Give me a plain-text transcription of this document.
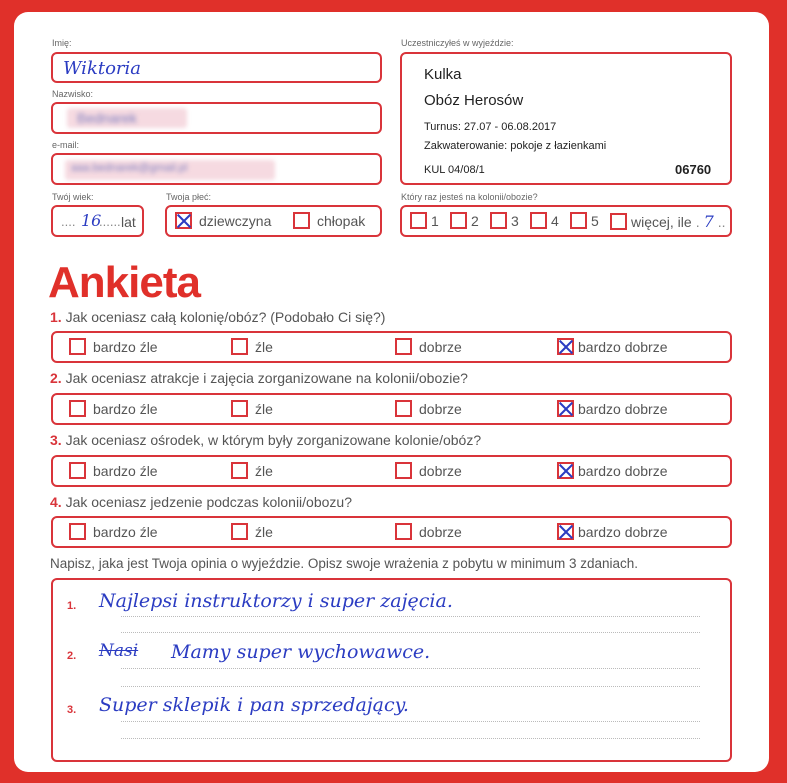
Imię:
Wiktoria
Nazwisko:
Bednarek
e-mail:
aaa.bednarek@gmail.pl
Twój wiek:
.... 16
...... lat
Twoja płeć:
dziewczyna	chłopak
Uczestniczyłeś w wyjeździe:
Kulka
Obóz Herosów
Turnus: 27.07 - 06.08.2017
Zakwaterowanie: pokoje z łazienkami
KUL 04/08/1	06760
Który raz jesteś na kolonii/obozie?
1 2 3 4 5 więcej, ile . 7 ..
Ankieta
1. Jak oceniasz całą kolonię/obóz? (Podobało Ci się?)
bardzo źle	źle	dobrze	bardzo dobrze
2. Jak oceniasz atrakcje i zajęcia zorganizowane na kolonii/obozie?
bardzo źle	źle	dobrze	bardzo dobrze
3. Jak oceniasz ośrodek, w którym były zorganizowane kolonie/obóz?
bardzo źle	źle	dobrze	bardzo dobrze
4. Jak oceniasz jedzenie podczas kolonii/obozu?
bardzo źle	źle	dobrze	bardzo dobrze
Napisz, jaka jest Twoja opinia o wyjeździe. Opisz swoje wrażenia z pobytu w minimum 3 zdaniach.
1. Najlepsi instruktorzy i super zajęcia.
2. Nasi Mamy super wychowawce.
3. Super sklepik i pan sprzedający.
